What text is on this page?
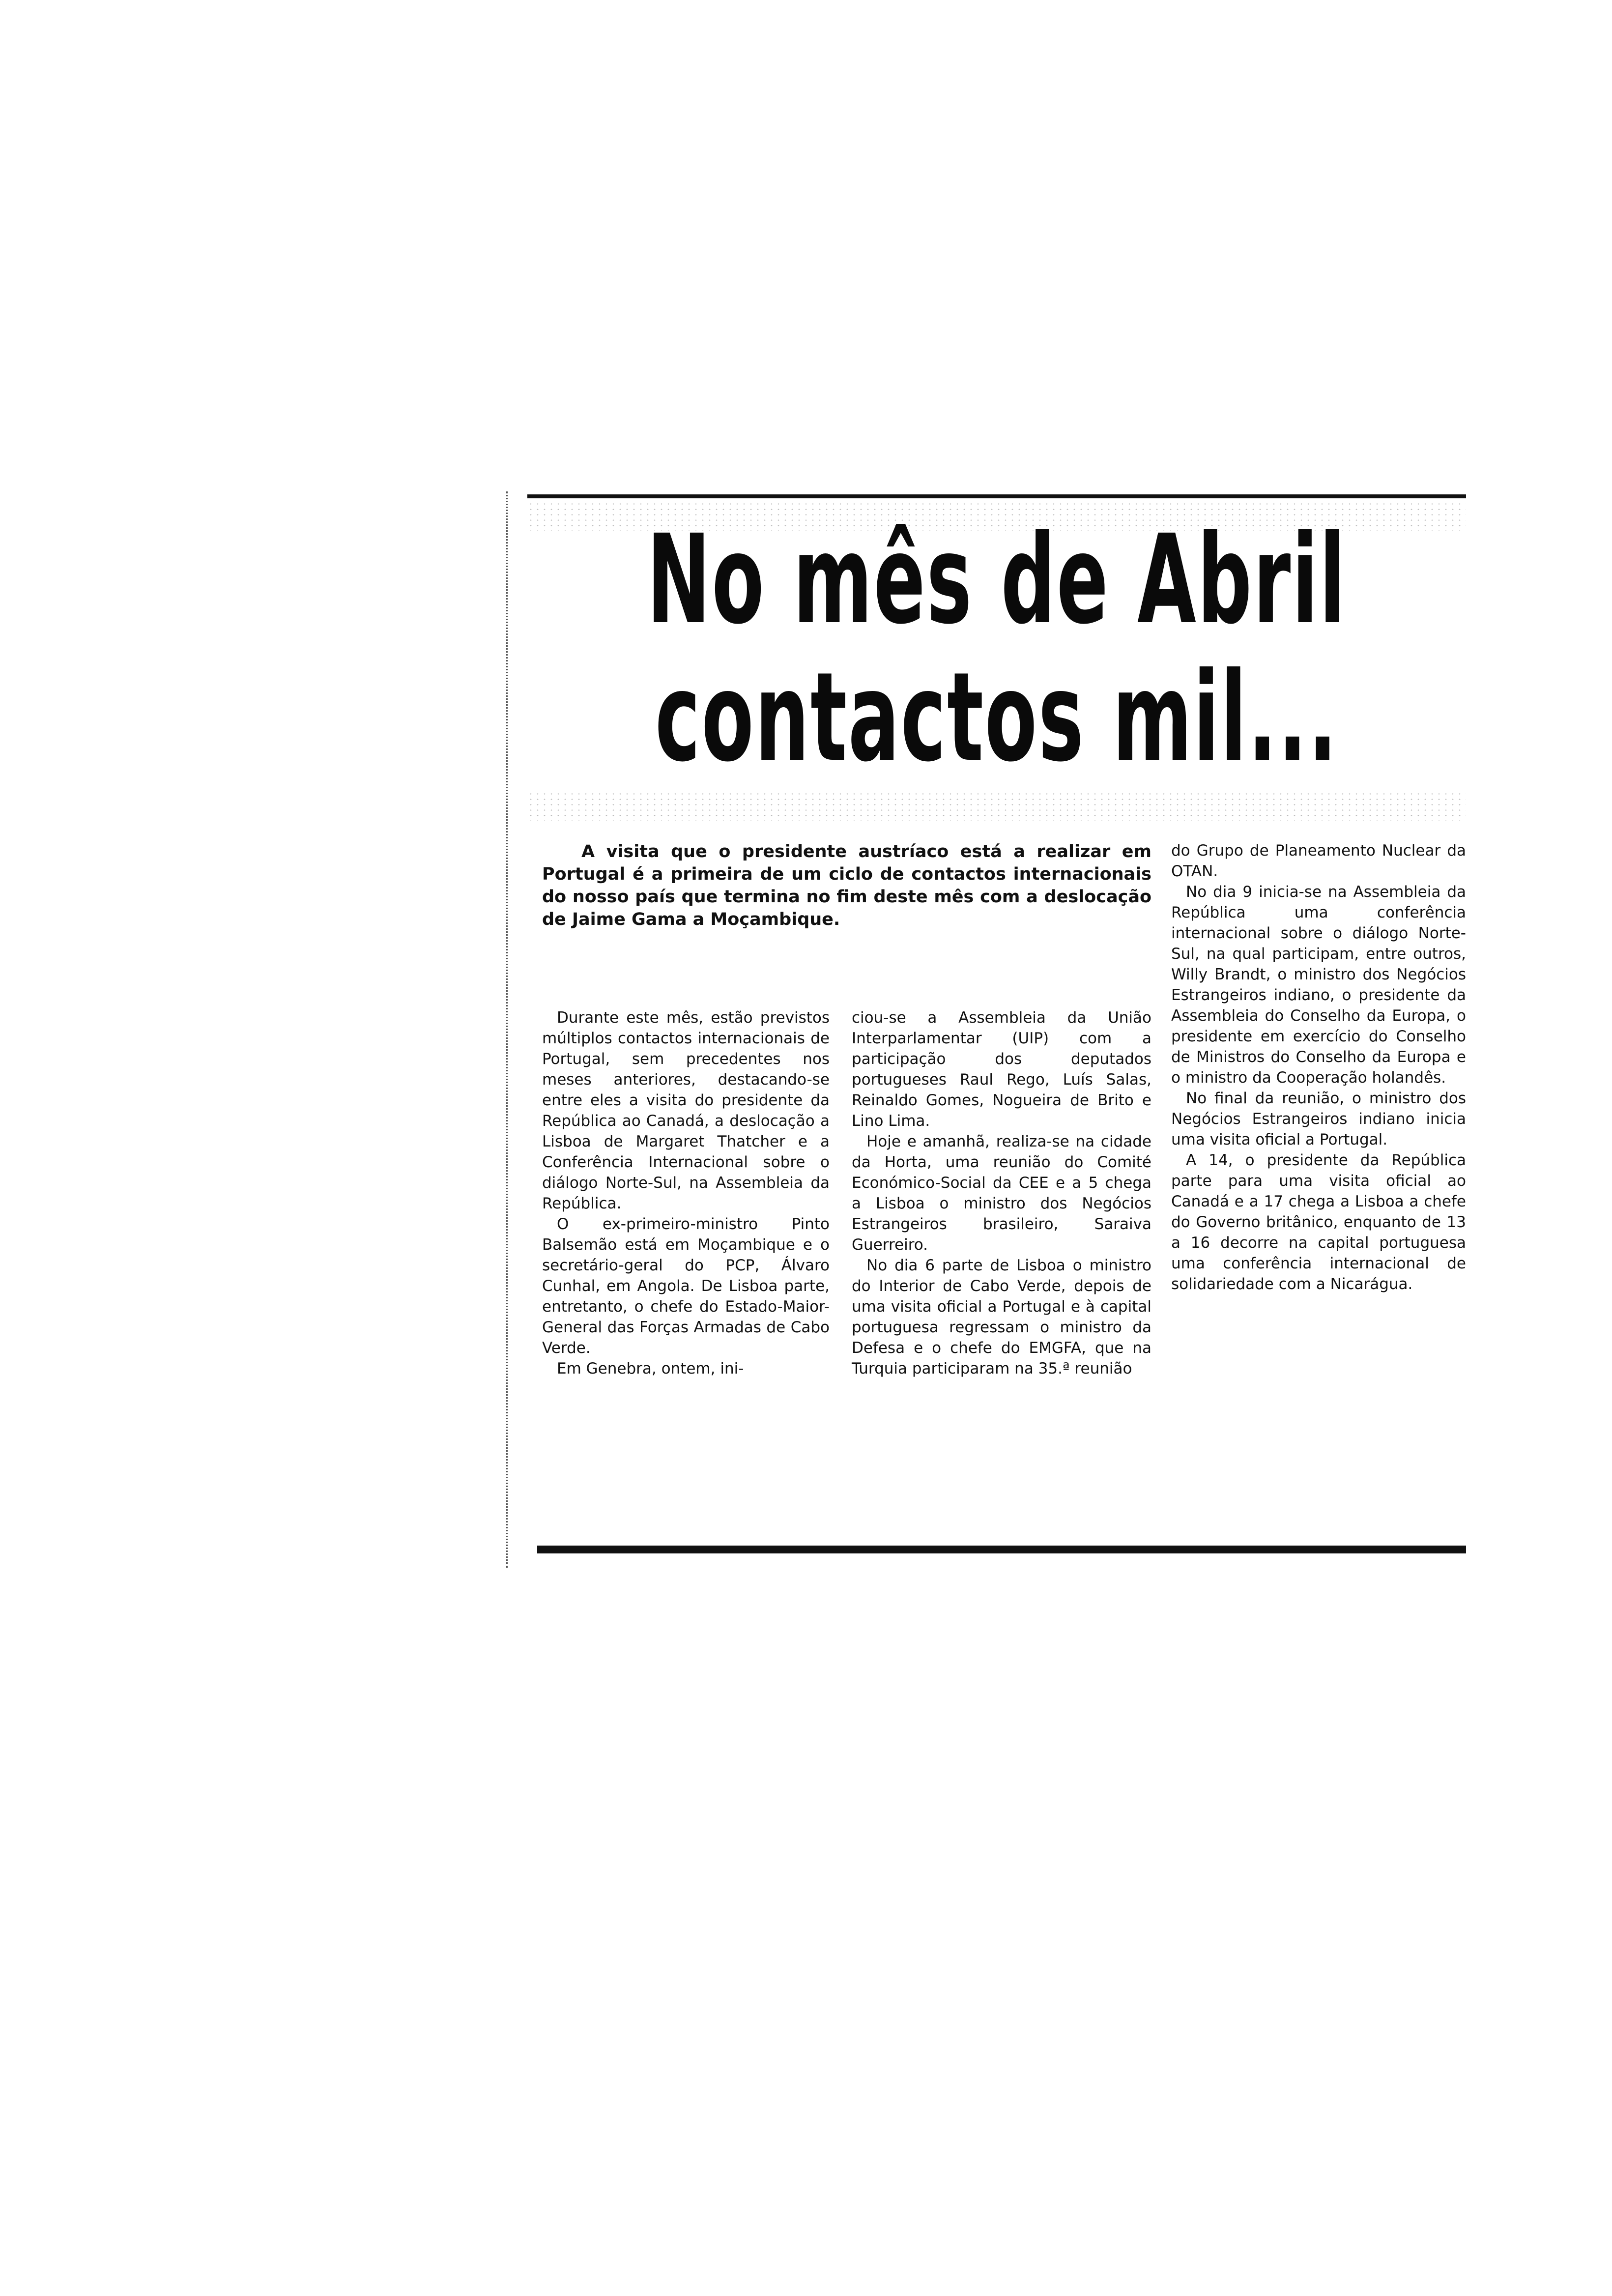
No mês de Abril
contactos mil...
A visita que o presidente austríaco está a realizar em Portugal é a primeira de um ciclo de contactos internacionais do nosso país que termina no fim deste mês com a deslocação de Jaime Gama a Moçambique.

Durante este mês, estão previstos múltiplos contactos internacionais de Portugal, sem precedentes nos meses anteriores, destacando-se entre eles a visita do presidente da República ao Canadá, a deslocação a Lisboa de Margaret Thatcher e a Conferência Internacional sobre o diálogo Norte-Sul, na Assembleia da República.

O ex-primeiro-ministro Pinto Balsemão está em Moçambique e o secretário-geral do PCP, Álvaro Cunhal, em Angola. De Lisboa parte, entretanto, o chefe do Estado-Maior-General das Forças Armadas de Cabo Verde.

Em Genebra, ontem, ini-

ciou-se a Assembleia da União Interparlamentar (UIP) com a participação dos deputados portugueses Raul Rego, Luís Salas, Reinaldo Gomes, Nogueira de Brito e Lino Lima.

Hoje e amanhã, realiza-se na cidade da Horta, uma reunião do Comité Económico-Social da CEE e a 5 chega a Lisboa o ministro dos Negócios Estrangeiros brasileiro, Saraiva Guerreiro.

No dia 6 parte de Lisboa o ministro do Interior de Cabo Verde, depois de uma visita oficial a Portugal e à capital portuguesa regressam o ministro da Defesa e o chefe do EMGFA, que na Turquia participaram na 35.ª reunião

do Grupo de Planeamento Nuclear da OTAN.

No dia 9 inicia-se na Assembleia da República uma conferência internacional sobre o diálogo Norte-Sul, na qual participam, entre outros, Willy Brandt, o ministro dos Negócios Estrangeiros indiano, o presidente da Assembleia do Conselho da Europa, o presidente em exercício do Conselho de Ministros do Conselho da Europa e o ministro da Cooperação holandês.

No final da reunião, o ministro dos Negócios Estrangeiros indiano inicia uma visita oficial a Portugal.

A 14, o presidente da República parte para uma visita oficial ao Canadá e a 17 chega a Lisboa a chefe do Governo britânico, enquanto de 13 a 16 decorre na capital portuguesa uma conferência internacional de solidariedade com a Nicarágua.
